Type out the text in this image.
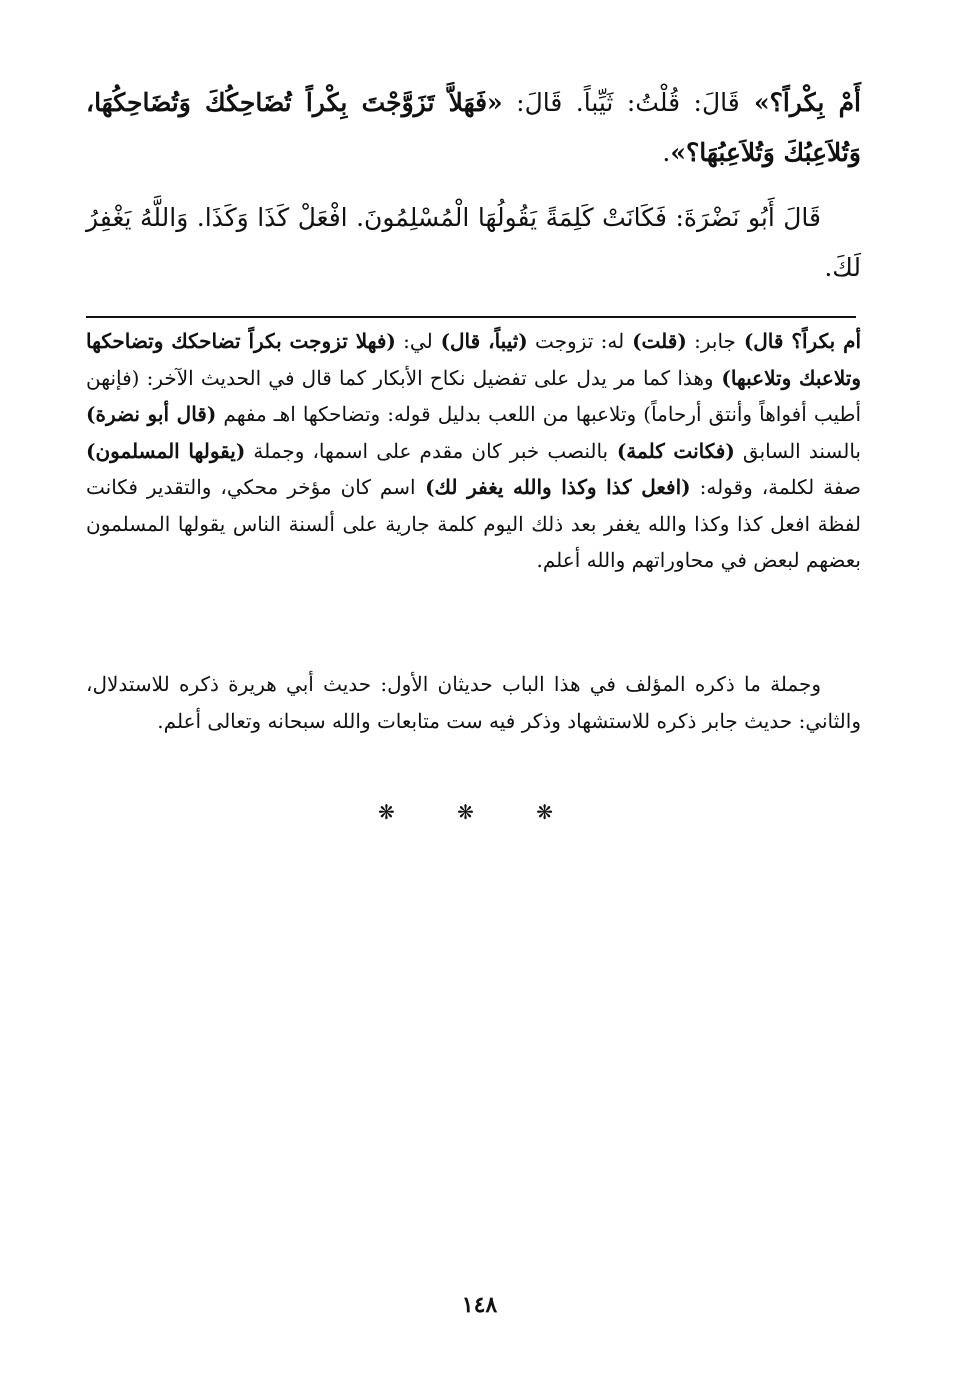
أَمْ بِكْراً؟» قَالَ: قُلْتُ: ثَيِّباً. قَالَ: «فَهَلاَّ تَزَوَّجْتَ بِكْراً تُضَاحِكُكَ وَتُضَاحِكُهَا، وَتُلاَعِبُكَ وَتُلاَعِبُهَا؟».

قَالَ أَبُو نَضْرَةَ: فَكَانَتْ كَلِمَةً يَقُولُهَا الْمُسْلِمُونَ. افْعَلْ كَذَا وَكَذَا. وَاللَّهُ يَغْفِرُ لَكَ.

أم بكراً؟ قال) جابر: (قلت) له: تزوجت (ثيباً، قال) لي: (فهلا تزوجت بكراً تضاحكك وتضاحكها وتلاعبك وتلاعبها) وهذا كما مر يدل على تفضيل نكاح الأبكار كما قال في الحديث الآخر: (فإنهن أطيب أفواهاً وأنتق أرحاماً) وتلاعبها من اللعب بدليل قوله: وتضاحكها اهـ مفهم (قال أبو نضرة) بالسند السابق (فكانت كلمة) بالنصب خبر كان مقدم على اسمها، وجملة (يقولها المسلمون) صفة لكلمة، وقوله: (افعل كذا وكذا والله يغفر لك) اسم كان مؤخر محكي، والتقدير فكانت لفظة افعل كذا وكذا والله يغفر بعد ذلك اليوم كلمة جارية على ألسنة الناس يقولها المسلمون بعضهم لبعض في محاوراتهم والله أعلم.

وجملة ما ذكره المؤلف في هذا الباب حديثان الأول: حديث أبي هريرة ذكره للاستدلال، والثاني: حديث جابر ذكره للاستشهاد وذكر فيه ست متابعات والله سبحانه وتعالى أعلم.

❋ ❋ ❋
١٤٨
